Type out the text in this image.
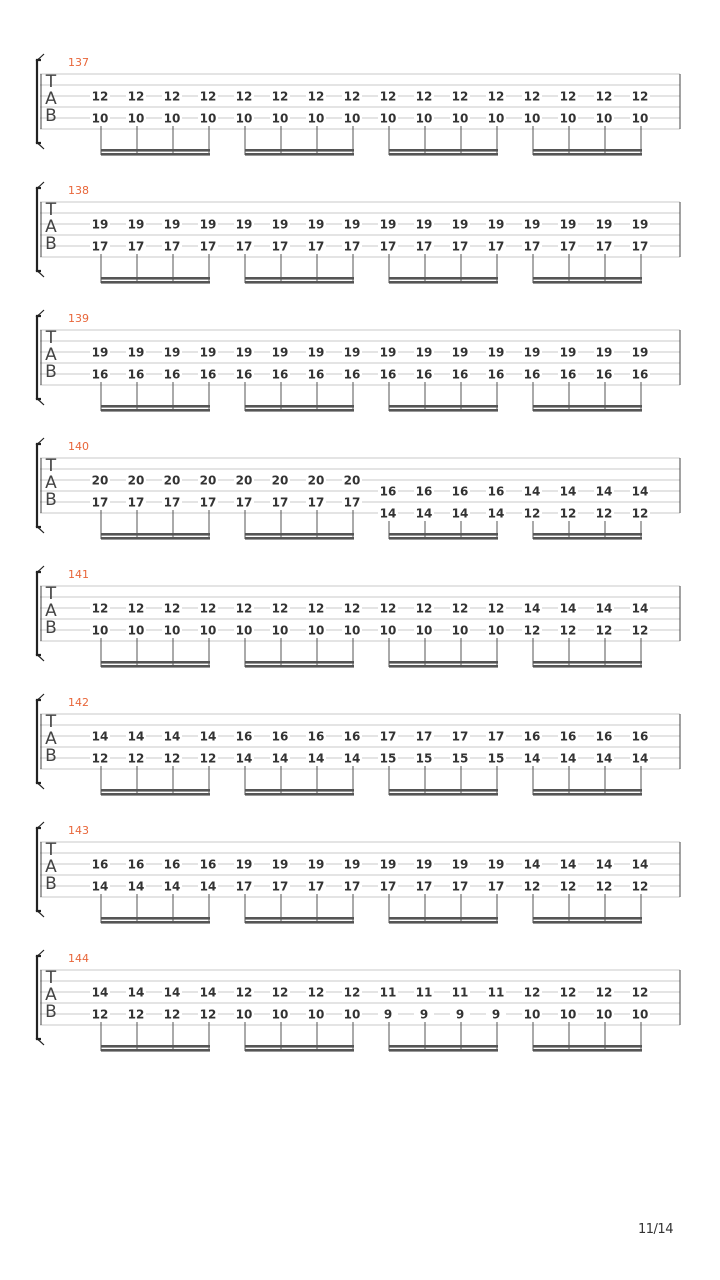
137
T
A
B
12
10
12
10
12
10
12
10
12
10
12
10
12
10
12
10
12
10
12
10
12
10
12
10
12
10
12
10
12
10
12
10
138
T
A
B
19
17
19
17
19
17
19
17
19
17
19
17
19
17
19
17
19
17
19
17
19
17
19
17
19
17
19
17
19
17
19
17
139
T
A
B
19
16
19
16
19
16
19
16
19
16
19
16
19
16
19
16
19
16
19
16
19
16
19
16
19
16
19
16
19
16
19
16
140
T
A
B
20
17
20
17
20
17
20
17
20
17
20
17
20
17
20
17
16
14
16
14
16
14
16
14
14
12
14
12
14
12
14
12
141
T
A
B
12
10
12
10
12
10
12
10
12
10
12
10
12
10
12
10
12
10
12
10
12
10
12
10
14
12
14
12
14
12
14
12
142
T
A
B
14
12
14
12
14
12
14
12
16
14
16
14
16
14
16
14
17
15
17
15
17
15
17
15
16
14
16
14
16
14
16
14
143
T
A
B
16
14
16
14
16
14
16
14
19
17
19
17
19
17
19
17
19
17
19
17
19
17
19
17
14
12
14
12
14
12
14
12
144
T
A
B
14
12
14
12
14
12
14
12
12
10
12
10
12
10
12
10
11
9
11
9
11
9
11
9
12
10
12
10
12
10
12
10
11/14
